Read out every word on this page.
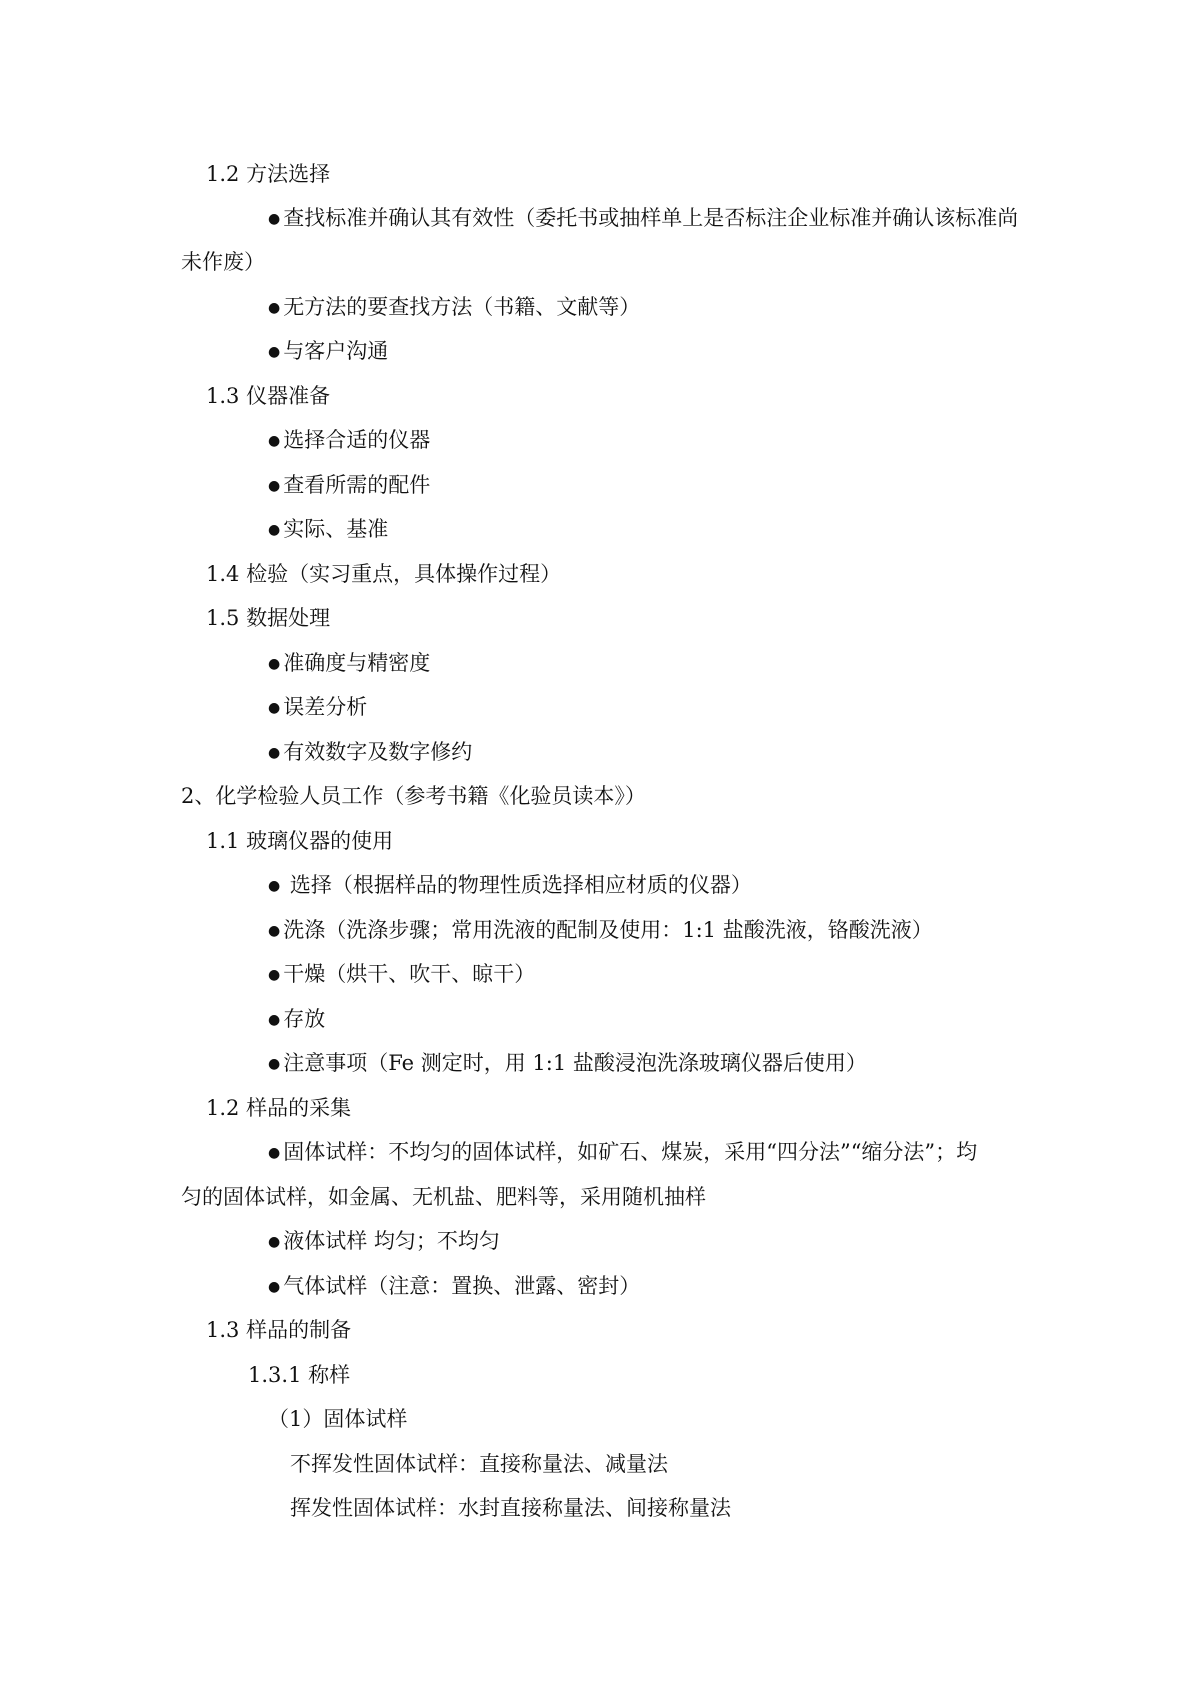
1.2 方法选择
● 查找标准并确认其有效性（委托书或抽样单上是否标注企业标准并确认该标准尚
未作废）
● 无方法的要查找方法（书籍、文献等）
● 与客户沟通
1.3 仪器准备
● 选择合适的仪器
● 查看所需的配件
● 实际、基准
1.4 检验（实习重点，具体操作过程）
1.5 数据处理
● 准确度与精密度
● 误差分析
● 有效数字及数字修约
2、化学检验人员工作（参考书籍《化验员读本》）
1.1 玻璃仪器的使用
● 选择（根据样品的物理性质选择相应材质的仪器）
● 洗涤（洗涤步骤；常用洗液的配制及使用：1:1 盐酸洗液，铬酸洗液）
● 干燥（烘干、吹干、晾干）
● 存放
● 注意事项（Fe 测定时，用 1:1 盐酸浸泡洗涤玻璃仪器后使用）
1.2 样品的采集
● 固体试样：不均匀的固体试样，如矿石、煤炭，采用“四分法”“缩分法”；均
匀的固体试样，如金属、无机盐、肥料等，采用随机抽样
● 液体试样 均匀；不均匀
● 气体试样（注意：置换、泄露、密封）
1.3 样品的制备
1.3.1 称样
（1）固体试样
不挥发性固体试样：直接称量法、减量法
挥发性固体试样：水封直接称量法、间接称量法
